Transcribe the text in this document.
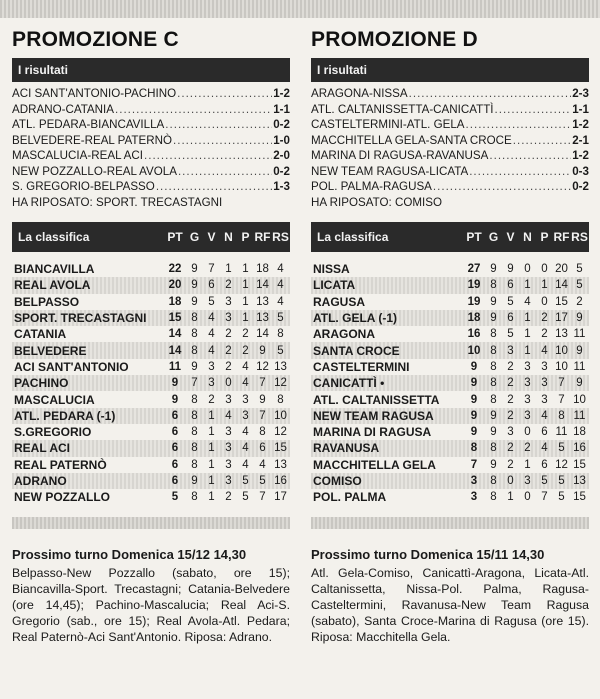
PROMOZIONE C
I risultati
ACI SANT'ANTONIO-PACHINO .....	1-2
ADRANO-CATANIA .....	1-1
ATL. PEDARA-BIANCAVILLA .....	0-2
BELVEDERE-REAL PATERNÒ .....	1-0
MASCALUCIA-REAL ACI .....	2-0
NEW POZZALLO-REAL AVOLA .....	0-2
S. GREGORIO-BELPASSO .....	1-3
HA RIPOSATO: SPORT. TRECASTAGNI
La classifica	PT G V N P RF RS
BIANCAVILLA	22 9 7 1 1 18 4
REAL AVOLA	20 9 6 2 1 14 4
BELPASSO	18 9 5 3 1 13 4
SPORT. TRECASTAGNI	15 8 4 3 1 13 5
CATANIA	14 8 4 2 2 14 8
BELVEDERE	14 8 4 2 2 9	5
ACI SANT'ANTONIO	11 9 3 2 4 12 13
PACHINO	9	7 3 0 4 7 12
MASCALUCIA	9	8 2 3 3 9	8
ATL. PEDARA (-1)	6	8 1 4 3 7 10
S.GREGORIO	6	8 1 3 4 8 12
REAL ACI	6	8 1 3 4 6 15
REAL PATERNÒ	6	8 1 3 4 4 13
ADRANO	6	9 1 3 5 5 16
NEW POZZALLO	5	8 1 2 5 7 17
Prossimo turno Domenica 15/12 14,30

Belpasso-New Pozzallo (sabato, ore 15); Biancavilla-Sport. Trecastagni; Catania-Belvedere (ore 14,45); Pachino-Mascalucia; Real Aci-S. Gregorio (sab., ore 15); Real Avola-Atl. Pedara; Real Paternò-Aci Sant'Antonio. Riposa: Adrano.

PROMOZIONE D
I risultati
ARAGONA-NISSA .....	2-3
ATL. CALTANISSETTA-CANICATTÌ .....	1-1
CASTELTERMINI-ATL. GELA .....	1-2
MACCHITELLA GELA-SANTA CROCE .....	2-1
MARINA DI RAGUSA-RAVANUSA .....	1-2
NEW TEAM RAGUSA-LICATA .....	0-3
POL. PALMA-RAGUSA .....	0-2
HA RIPOSATO: COMISO
La classifica	PT G V N P RF RS
NISSA	27 9 9 0 0 20 5
LICATA	19 8 6 1 1 14 5
RAGUSA	19 9 5 4 0 15 2
ATL. GELA (-1)	18 9 6 1 2 17 9
ARAGONA	16 8 5 1 2 13 11
SANTA CROCE	10 8 3 1 4 10 9
CASTELTERMINI	9	8 2 3 3 10 11
CANICATTÌ •	9	8 2 3 3 7	9
ATL. CALTANISSETTA	9	8 2 3 3 7 10
NEW TEAM RAGUSA	9	9 2 3 4 8 11
MARINA DI RAGUSA	9	9 3 0 6 11 18
RAVANUSA	8	8 2 2 4 5 16
MACCHITELLA GELA	7	9 2 1 6 12 15
COMISO	3	8 0 3 5 5 13
POL. PALMA	3	8 1 0 7 5 15
Prossimo turno Domenica 15/11 14,30

Atl. Gela-Comiso, Canicattì-Aragona, Licata-Atl. Caltanissetta, Nissa-Pol. Palma, Ragusa-Casteltermini, Ravanusa-New Team Ragusa (sabato), Santa Croce-Marina di Ragusa (ore 15). Riposa: Macchitella Gela.
